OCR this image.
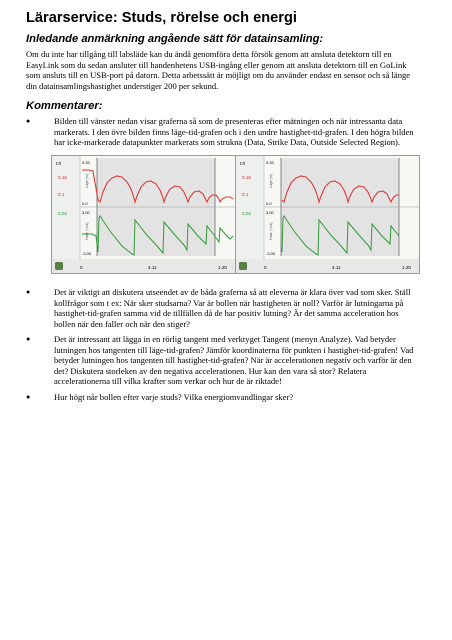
Lärarservice: Studs, rörelse och energi
Inledande anmärkning angående sätt för datainsamling:
Om du inte har tillgång till labsläde kan du ändå genomföra detta försök genom att ansluta detektorn till en
EasyLink som du sedan ansluter till handenhetens USB-ingång eller genom att ansluta detektorn till en GoLink
som ansluts till en USB-port på datorn. Detta arbetssätt är möjligt om du använder endast en sensor och så länge
din datainsamlingshastighet understiger 200 per sekund.
Kommentarer:
●	Bilden till vänster nedan visar graferna så som de presenteras efter mätningen och när intressanta data
markerats. I den övre bilden finns läge-tid-grafen och i den undre hastighet-tid-grafen. I den högra bilden
har icke-markerade datapunkter markerats som strukna (Data, Strike Data, Outside Selected Region).
t:0
0.15
0.1
0.02
0.33
0.0
3.00
-3.00
Läge (m)
Hast. (m/s)
0	4.11	1.20
t:0
0.15
0.1
0.02
0.33
0.0
3.00
-3.00
Läge (m)
Hast. (m/s)
0	4.11	1.20
●	Det är viktigt att diskutera utseendet av de båda graferna så att eleverna är klara över vad som sker. Ställ
kollfrågor som t ex: När sker studsarna? Var är bollen när hastigheten är noll? Varför är lutningarna på
hastighet-tid-grafen samma vid de tillfällen då de har positiv lutning? Är det samma acceleration hos
bollen när den faller och när den stiger?
●	Det är intressant att lägga in en rörlig tangent med verktyget Tangent (menyn Analyze). Vad betyder
lutningen hos tangenten till läge-tid-grafen? Jämför koordinaterna för punkten i hastighet-tid-grafen! Vad
betyder lutningen hos tangenten till hastighet-tid-grafen? När är accelerationen negativ och varför är den
det? Diskutera storleken av den negativa accelerationen. Hur kan den vara så stor? Relatera
accelerationerna till vilka krafter som verkar och hur de är riktade!
●	Hur högt når bollen efter varje studs? Vilka energiomvandlingar sker?
